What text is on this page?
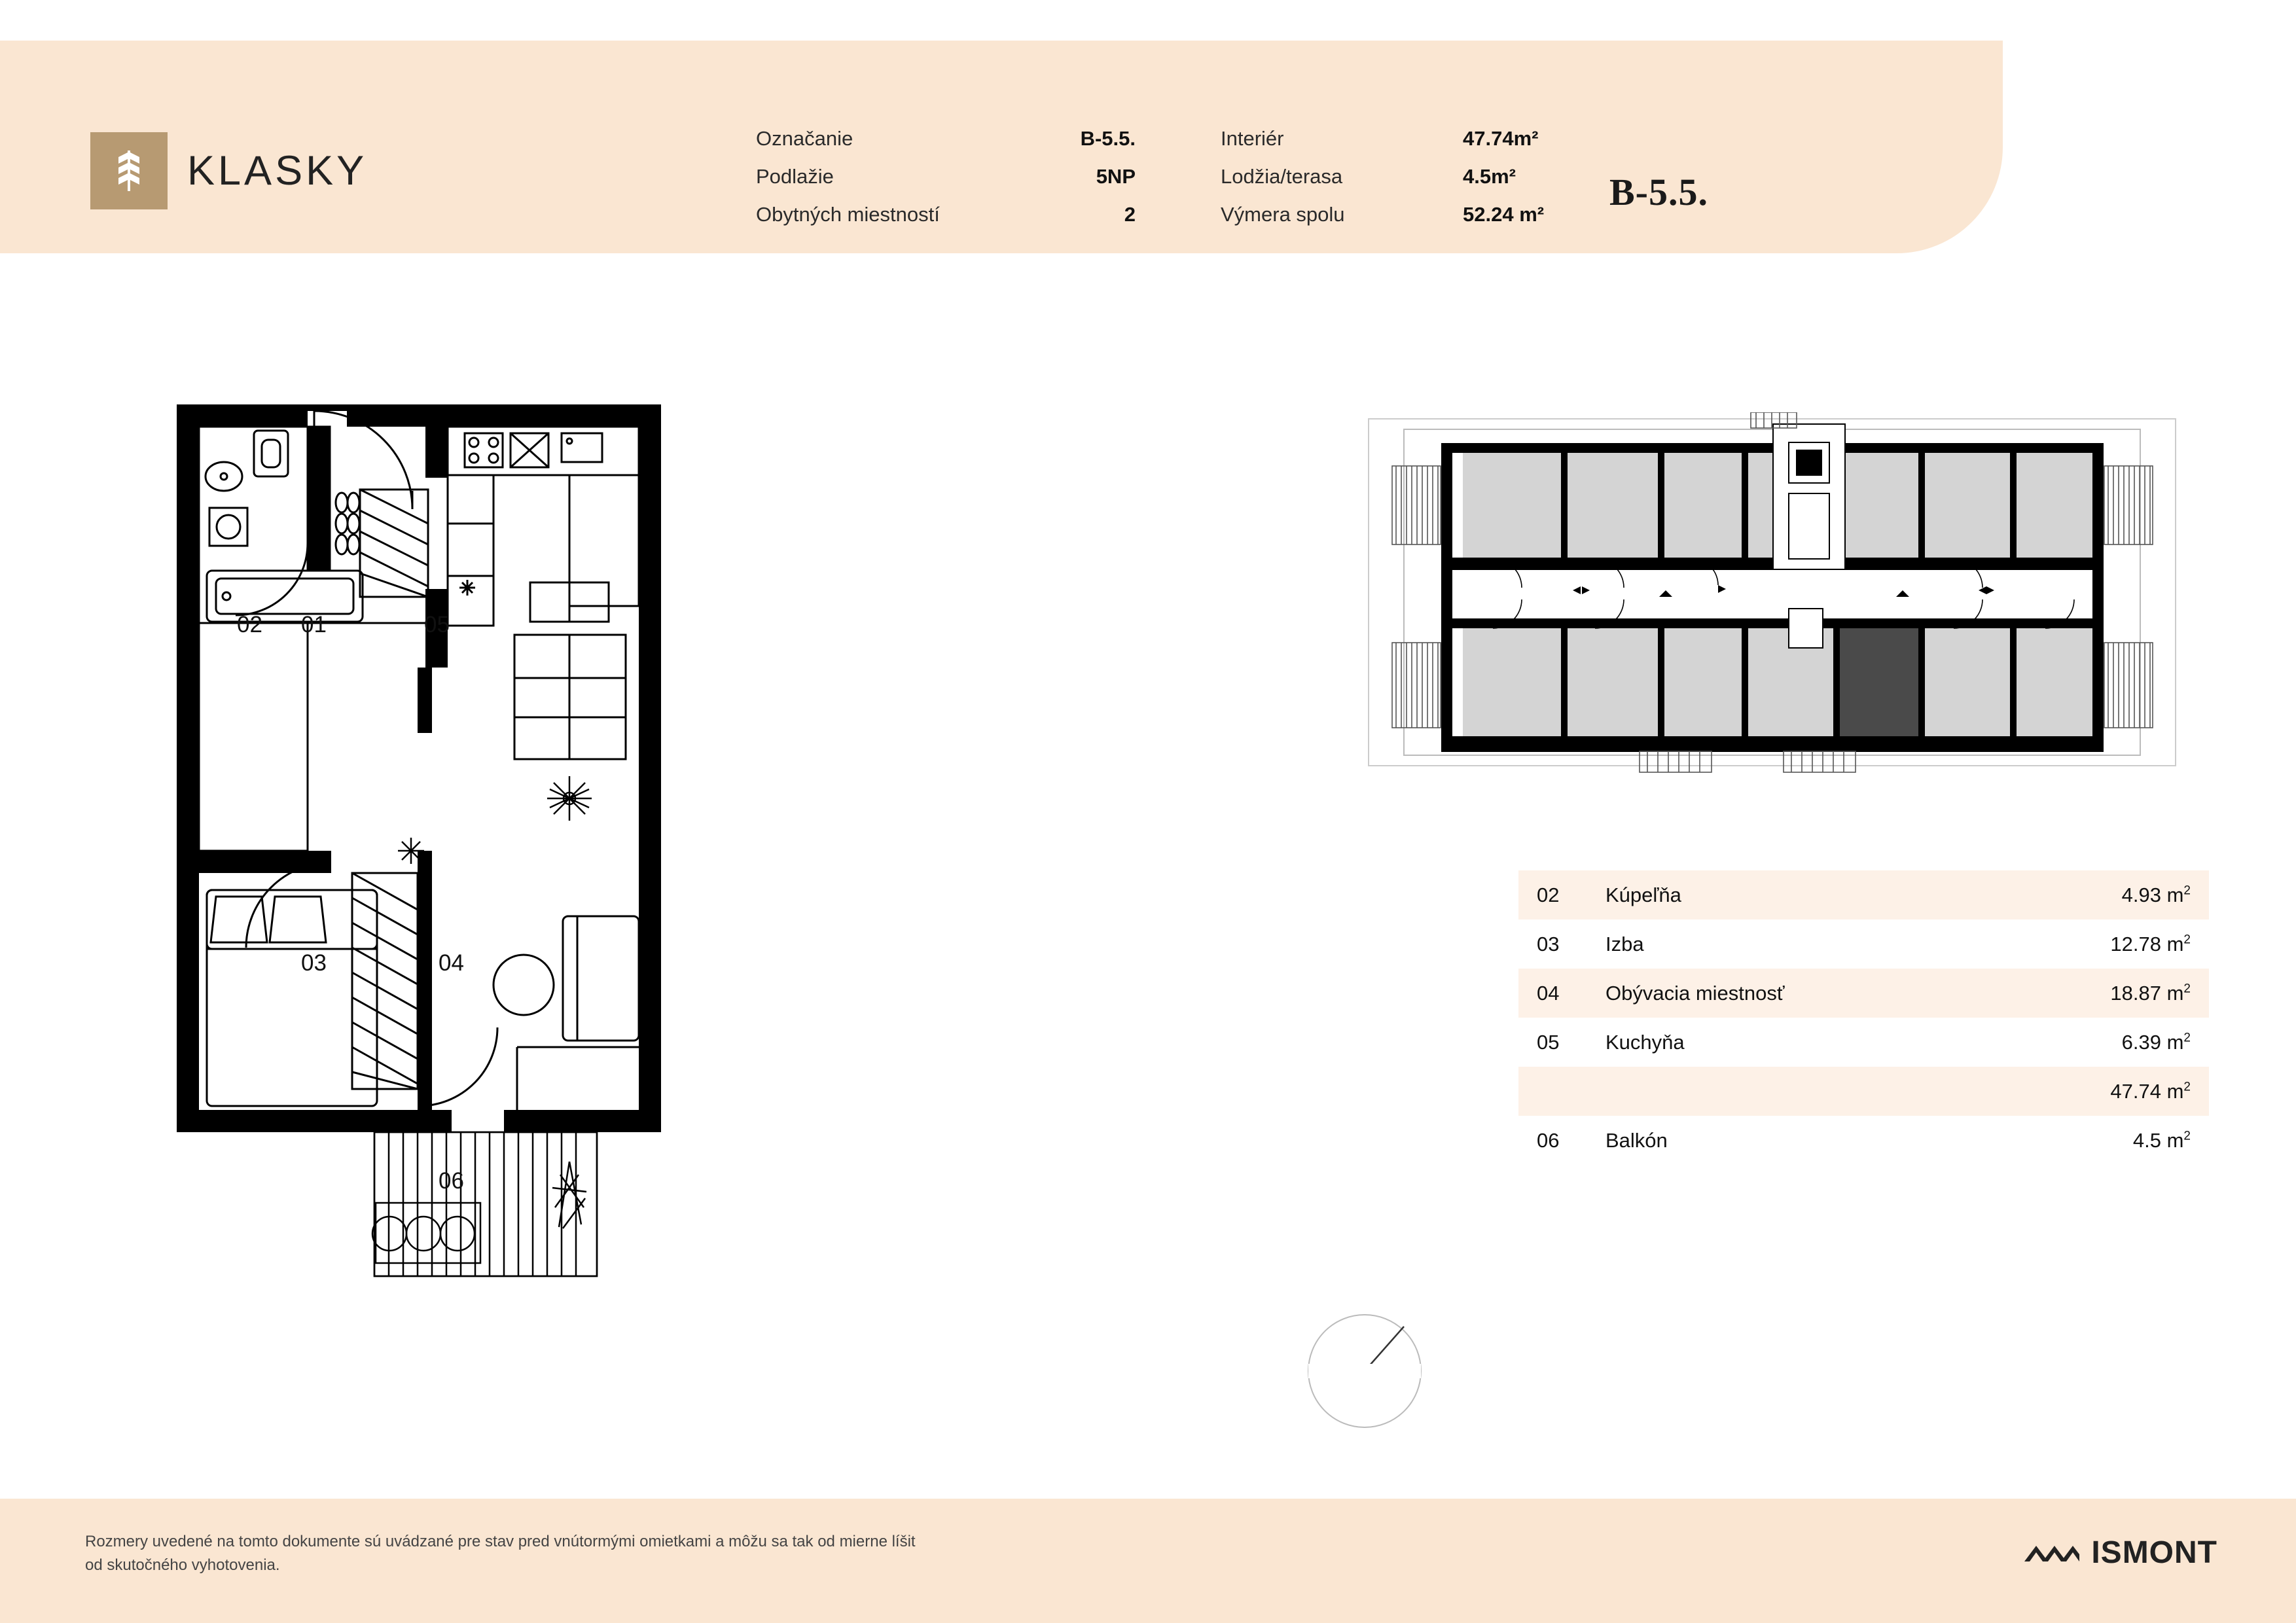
KLASKY
Označanie	B-5.5.
Podlažie	5NP
Obytných miestností	2
Interiér	47.74m²
Lodžia/terasa	4.5m²
Výmera spolu	52.24 m²
B-5.5.
02 01	05
03	04
06
02	Kúpeľňa	4.93 $m^2$
03	Izba	12.78 $m^2$
04	Obývacia miestnosť	18.87 $m^2$
05	Kuchyňa	6.39 $m^2$
47.74 $m^2$
06	Balkón	4.5 $m^2$
Rozmery uvedené na tomto dokumente sú uvádzané pre stav pred vnútormými omietkami a môžu sa tak od mierne líšit od skutočného vyhotovenia.	ISMONT
